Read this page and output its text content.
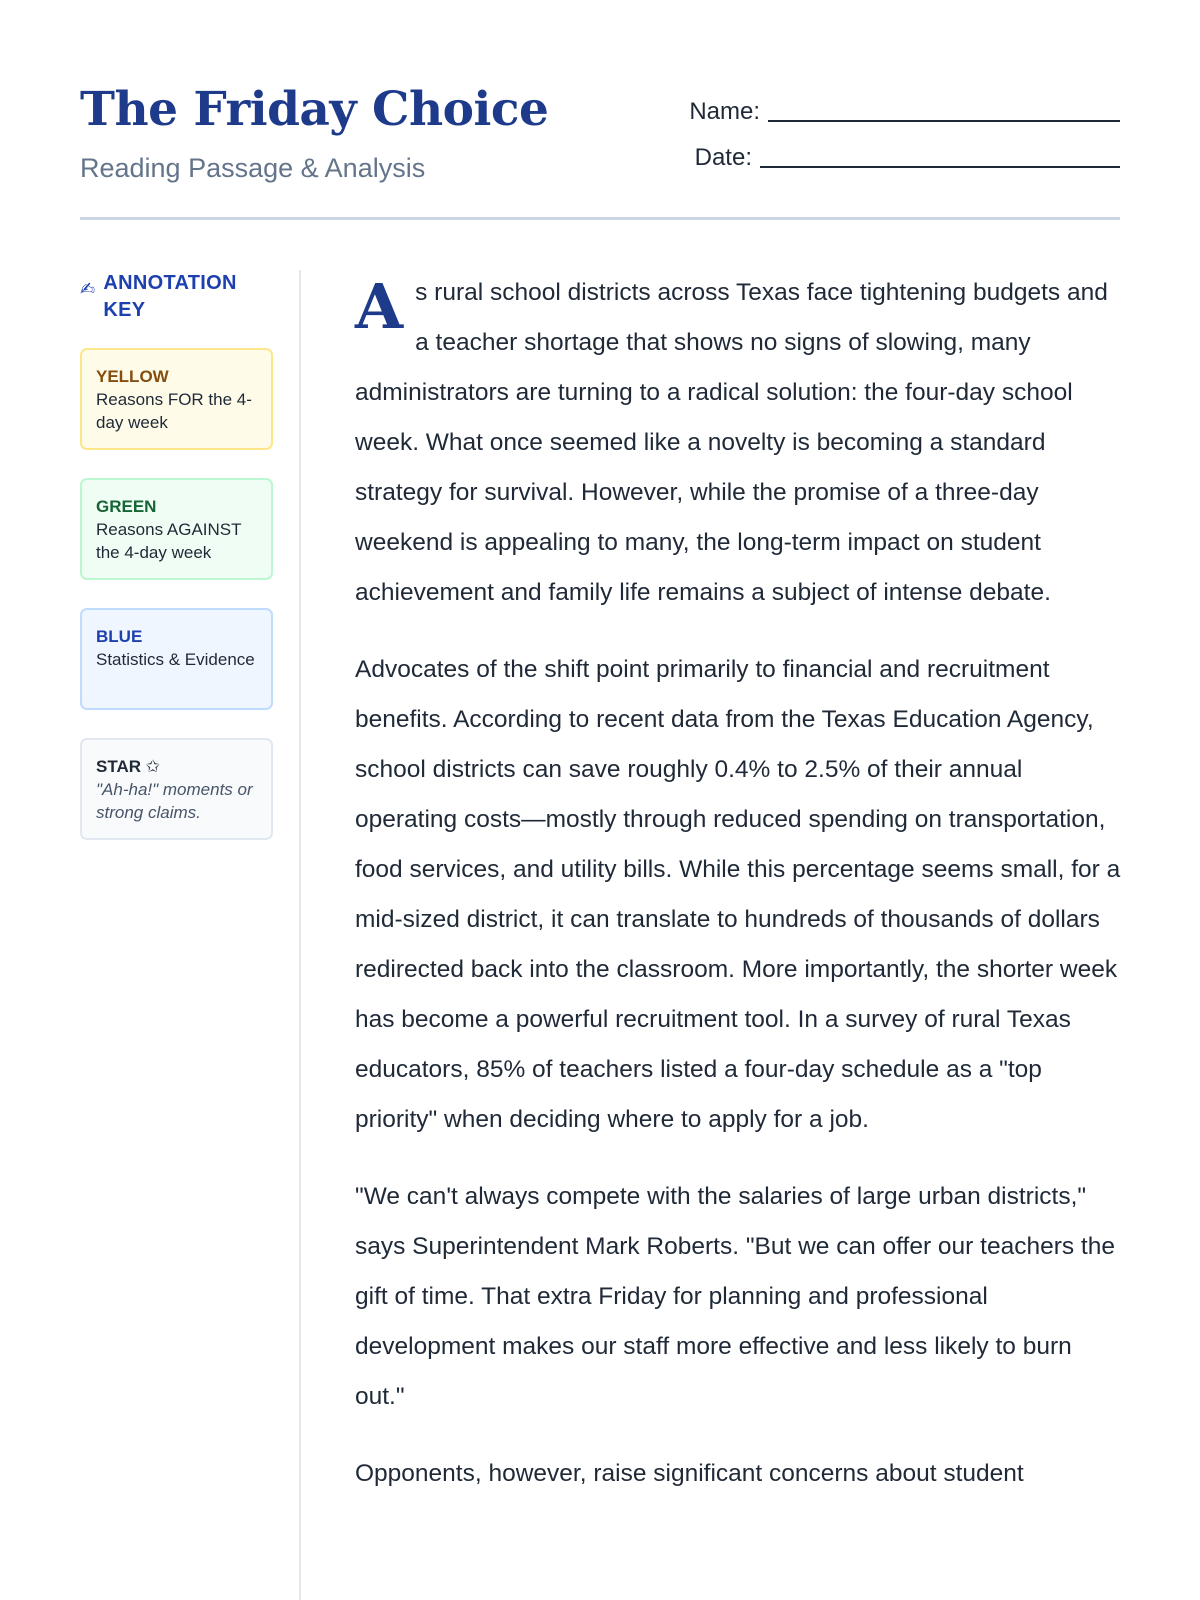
The Friday Choice
Reading Passage & Analysis
Name:
Date:
✍ ANNOTATION KEY
YELLOW
Reasons FOR the 4-day week
GREEN
Reasons AGAINST the 4-day week
BLUE
Statistics & Evidence
STAR ✩
"Ah-ha!" moments or strong claims.

As rural school districts across Texas face tightening budgets and a teacher shortage that shows no signs of slowing, many administrators are turning to a radical solution: the four-day school week. What once seemed like a novelty is becoming a standard strategy for survival. However, while the promise of a three-day weekend is appealing to many, the long-term impact on student achievement and family life remains a subject of intense debate.

Advocates of the shift point primarily to financial and recruitment benefits. According to recent data from the Texas Education Agency, school districts can save roughly 0.4% to 2.5% of their annual operating costs—mostly through reduced spending on transportation, food services, and utility bills. While this percentage seems small, for a mid-sized district, it can translate to hundreds of thousands of dollars redirected back into the classroom. More importantly, the shorter week has become a powerful recruitment tool. In a survey of rural Texas educators, 85% of teachers listed a four-day schedule as a "top priority" when deciding where to apply for a job.

"We can't always compete with the salaries of large urban districts," says Superintendent Mark Roberts. "But we can offer our teachers the gift of time. That extra Friday for planning and professional development makes our staff more effective and less likely to burn out."

Opponents, however, raise significant concerns about student
